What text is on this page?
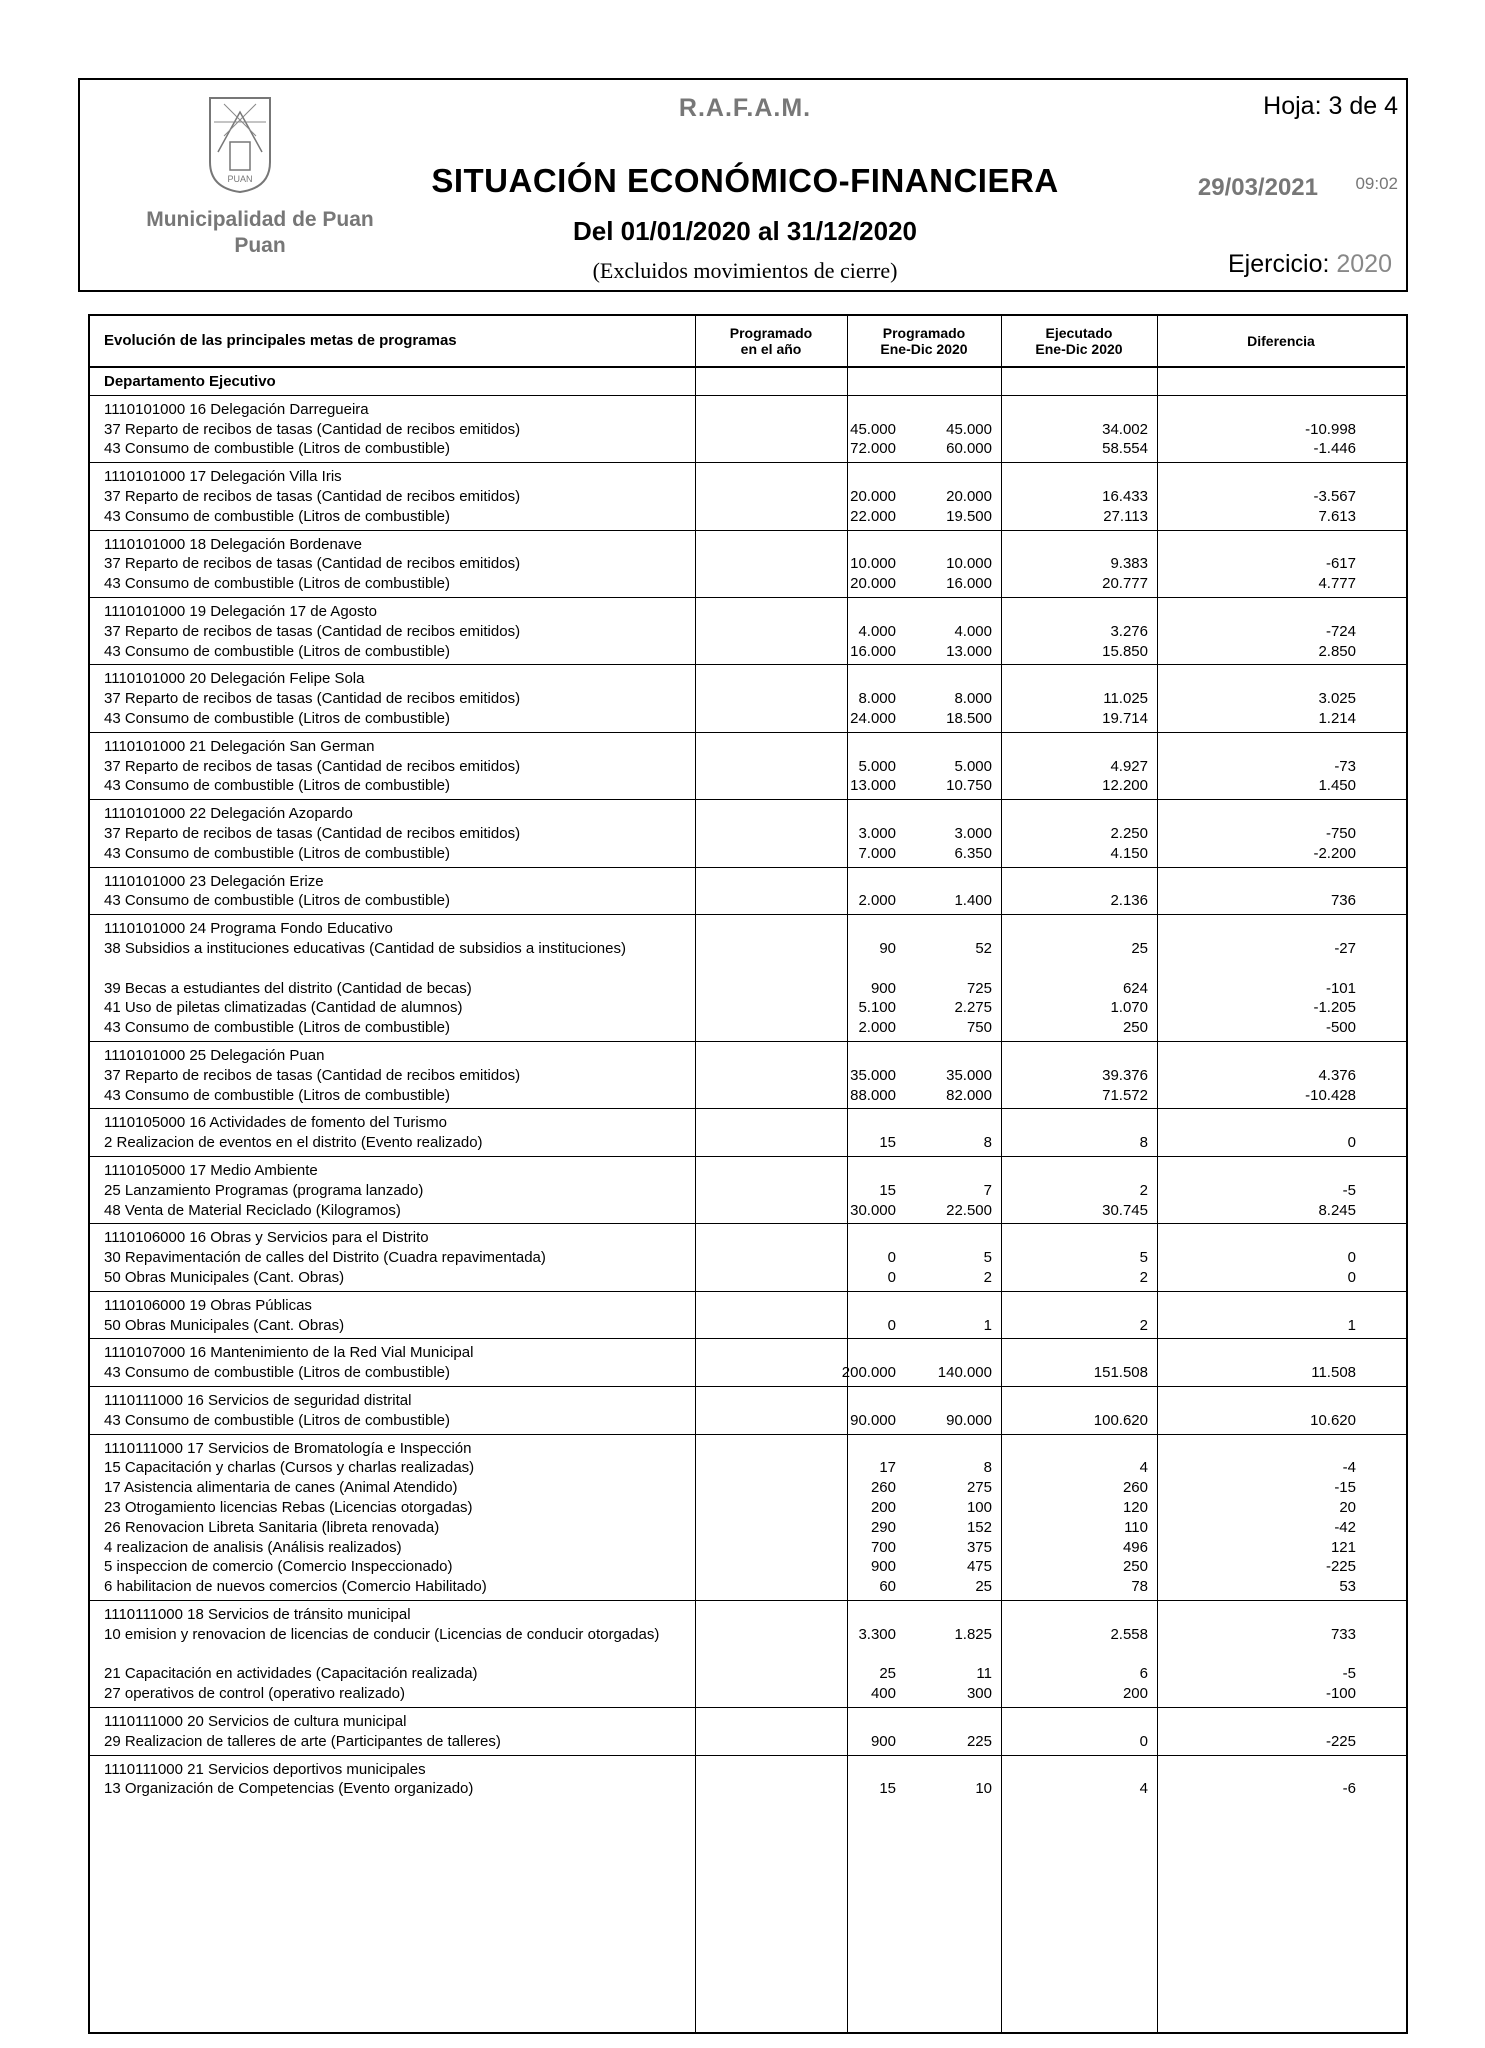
PUAN
Municipalidad de Puan
Puan
R.A.F.A.M.	Hoja: 3 de 4
SITUACIÓN ECONÓMICO-FINANCIERA	29/03/2021 09:02
Del 01/01/2020 al 31/12/2020
(Excluidos movimientos de cierre)	Ejercicio: 2020
Evolución de las principales metas de programas	Programado
en el año
Programado
Ene-Dic 2020
Ejecutado
Ene-Dic 2020	Diferencia
Departamento Ejecutivo
1110101000 16 Delegación Darregueira
37 Reparto de recibos de tasas (Cantidad de recibos emitidos)	45.000	45.000	34.002	-10.998
43 Consumo de combustible (Litros de combustible)	72.000	60.000	58.554	-1.446
1110101000 17 Delegación Villa Iris
37 Reparto de recibos de tasas (Cantidad de recibos emitidos)	20.000	20.000	16.433	-3.567
43 Consumo de combustible (Litros de combustible)	22.000	19.500	27.113	7.613
1110101000 18 Delegación Bordenave
37 Reparto de recibos de tasas (Cantidad de recibos emitidos)	10.000	10.000	9.383	-617
43 Consumo de combustible (Litros de combustible)	20.000	16.000	20.777	4.777
1110101000 19 Delegación 17 de Agosto
37 Reparto de recibos de tasas (Cantidad de recibos emitidos)	4.000	4.000	3.276	-724
43 Consumo de combustible (Litros de combustible)	16.000	13.000	15.850	2.850
1110101000 20 Delegación Felipe Sola
37 Reparto de recibos de tasas (Cantidad de recibos emitidos)	8.000	8.000	11.025	3.025
43 Consumo de combustible (Litros de combustible)	24.000	18.500	19.714	1.214
1110101000 21 Delegación San German
37 Reparto de recibos de tasas (Cantidad de recibos emitidos)	5.000	5.000	4.927	-73
43 Consumo de combustible (Litros de combustible)	13.000	10.750	12.200	1.450
1110101000 22 Delegación Azopardo
37 Reparto de recibos de tasas (Cantidad de recibos emitidos)	3.000	3.000	2.250	-750
43 Consumo de combustible (Litros de combustible)	7.000	6.350	4.150	-2.200
1110101000 23 Delegación Erize
43 Consumo de combustible (Litros de combustible)	2.000	1.400	2.136	736
1110101000 24 Programa Fondo Educativo
38 Subsidios a instituciones educativas (Cantidad de subsidios a instituciones)	90	52	25	-27
39 Becas a estudiantes del distrito (Cantidad de becas)	900	725	624	-101
41 Uso de piletas climatizadas (Cantidad de alumnos)	5.100	2.275	1.070	-1.205
43 Consumo de combustible (Litros de combustible)	2.000	750	250	-500
1110101000 25 Delegación Puan
37 Reparto de recibos de tasas (Cantidad de recibos emitidos)	35.000	35.000	39.376	4.376
43 Consumo de combustible (Litros de combustible)	88.000	82.000	71.572	-10.428
1110105000 16 Actividades de fomento del Turismo
2 Realizacion de eventos en el distrito (Evento realizado)	15	8	8	0
1110105000 17 Medio Ambiente
25 Lanzamiento Programas (programa lanzado)	15	7	2	-5
48 Venta de Material Reciclado (Kilogramos)	30.000	22.500	30.745	8.245
1110106000 16 Obras y Servicios para el Distrito
30 Repavimentación de calles del Distrito (Cuadra repavimentada)	0	5	5	0
50 Obras Municipales (Cant. Obras)	0	2	2	0
1110106000 19 Obras Públicas
50 Obras Municipales (Cant. Obras)	0	1	2	1
1110107000 16 Mantenimiento de la Red Vial Municipal
43 Consumo de combustible (Litros de combustible)	200.000	140.000	151.508	11.508
1110111000 16 Servicios de seguridad distrital
43 Consumo de combustible (Litros de combustible)	90.000	90.000	100.620	10.620
1110111000 17 Servicios de Bromatología e Inspección
15 Capacitación y charlas (Cursos y charlas realizadas)	17	8	4	-4
17 Asistencia alimentaria de canes (Animal Atendido)	260	275	260	-15
23 Otrogamiento licencias Rebas (Licencias otorgadas)	200	100	120	20
26 Renovacion Libreta Sanitaria (libreta renovada)	290	152	110	-42
4 realizacion de analisis (Análisis realizados)	700	375	496	121
5 inspeccion de comercio (Comercio Inspeccionado)	900	475	250	-225
6 habilitacion de nuevos comercios (Comercio Habilitado)	60	25	78	53
1110111000 18 Servicios de tránsito municipal
10 emision y renovacion de licencias de conducir (Licencias de conducir otorgadas)	3.300	1.825	2.558	733
21 Capacitación en actividades (Capacitación realizada)	25	11	6	-5
27 operativos de control (operativo realizado)	400	300	200	-100
1110111000 20 Servicios de cultura municipal
29 Realizacion de talleres de arte (Participantes de talleres)	900	225	0	-225
1110111000 21 Servicios deportivos municipales
13 Organización de Competencias (Evento organizado)	15	10	4	-6
